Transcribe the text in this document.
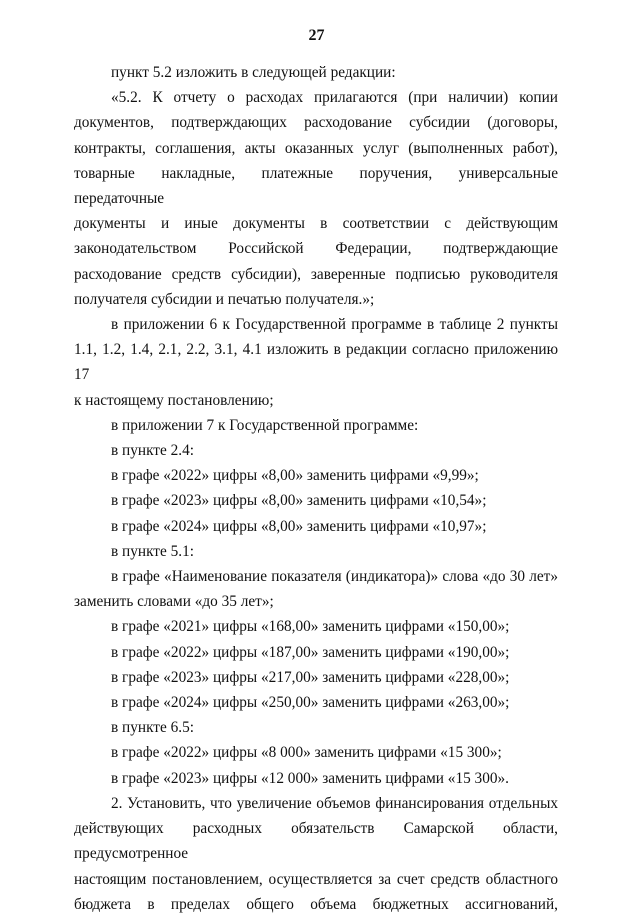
27

пункт 5.2 изложить в следующей редакции:

«5.2. К отчету о расходах прилагаются (при наличии) копии

документов, подтверждающих расходование субсидии (договоры,

контракты, соглашения, акты оказанных услуг (выполненных работ),

товарные накладные, платежные поручения, универсальные передаточные

документы и иные документы в соответствии с действующим

законодательством Российской Федерации, подтверждающие

расходование средств субсидии), заверенные подписью руководителя

получателя субсидии и печатью получателя.»;

в приложении 6 к Государственной программе в таблице 2 пункты

1.1, 1.2, 1.4, 2.1, 2.2, 3.1, 4.1 изложить в редакции согласно приложению 17

к настоящему постановлению;

в приложении 7 к Государственной программе:

в пункте 2.4:

в графе «2022» цифры «8,00» заменить цифрами «9,99»;

в графе «2023» цифры «8,00» заменить цифрами «10,54»;

в графе «2024» цифры «8,00» заменить цифрами «10,97»;

в пункте 5.1:

в графе «Наименование показателя (индикатора)» слова «до 30 лет»

заменить словами «до 35 лет»;

в графе «2021» цифры «168,00» заменить цифрами «150,00»;

в графе «2022» цифры «187,00» заменить цифрами «190,00»;

в графе «2023» цифры «217,00» заменить цифрами «228,00»;

в графе «2024» цифры «250,00» заменить цифрами «263,00»;

в пункте 6.5:

в графе «2022» цифры «8 000» заменить цифрами «15 300»;

в графе «2023» цифры «12 000» заменить цифрами «15 300».

2. Установить, что увеличение объемов финансирования отдельных

действующих расходных обязательств Самарской области, предусмотренное

настоящим постановлением, осуществляется за счет средств областного

бюджета в пределах общего объема бюджетных ассигнований,
